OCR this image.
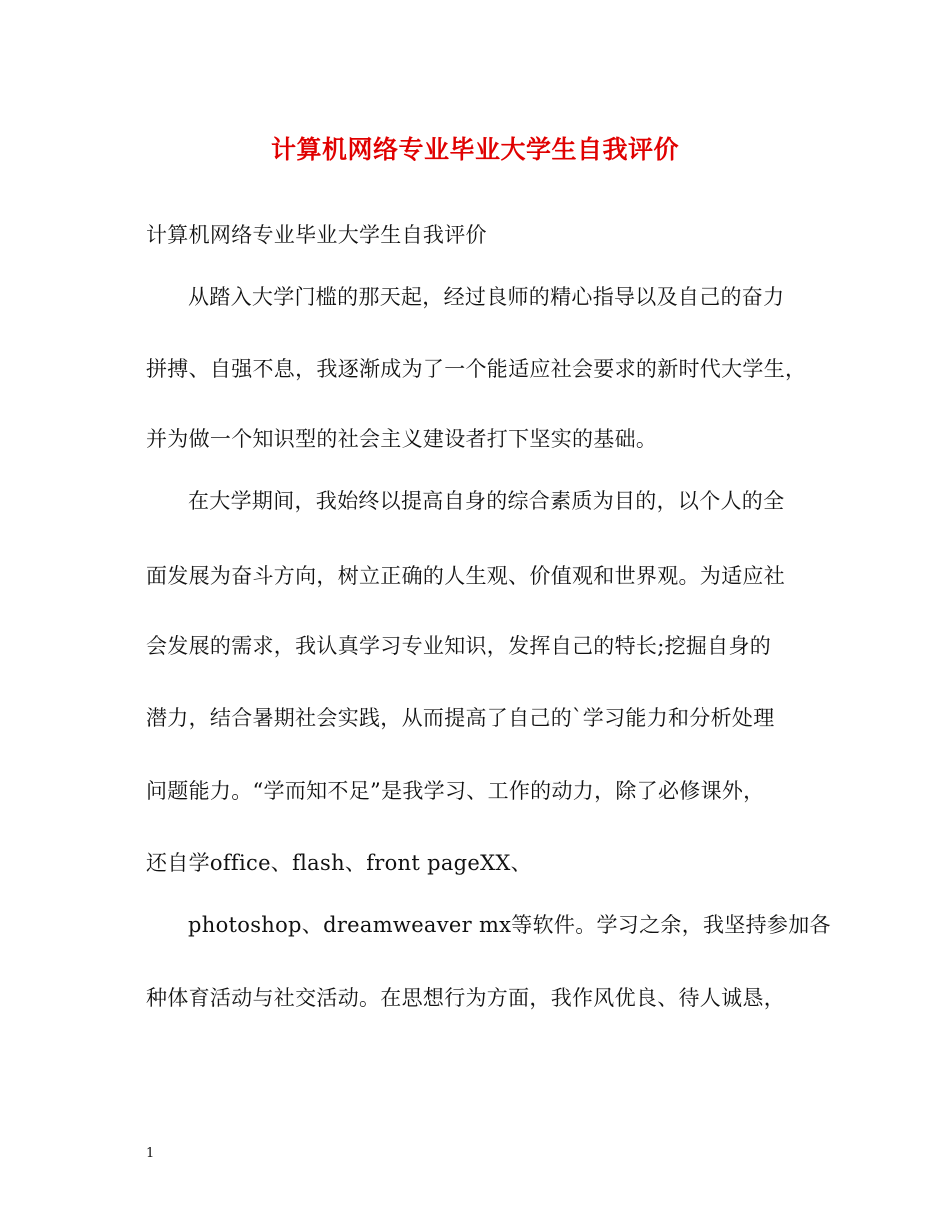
计算机网络专业毕业大学生自我评价
计算机网络专业毕业大学生自我评价
从踏入大学门槛的那天起，经过良师的精心指导以及自己的奋力
拼搏、自强不息，我逐渐成为了一个能适应社会要求的新时代大学生，
并为做一个知识型的社会主义建设者打下坚实的基础。
在大学期间，我始终以提高自身的综合素质为目的，以个人的全
面发展为奋斗方向，树立正确的人生观、价值观和世界观。为适应社
会发展的需求，我认真学习专业知识，发挥自己的特长;挖掘自身的
潜力，结合暑期社会实践，从而提高了自己的`学习能力和分析处理
问题能力。“学而知不足”是我学习、工作的动力，除了必修课外，
还自学office、flash、front pageXX、
photoshop、dreamweaver mx等软件。学习之余，我坚持参加各
种体育活动与社交活动。在思想行为方面，我作风优良、待人诚恳，
1
